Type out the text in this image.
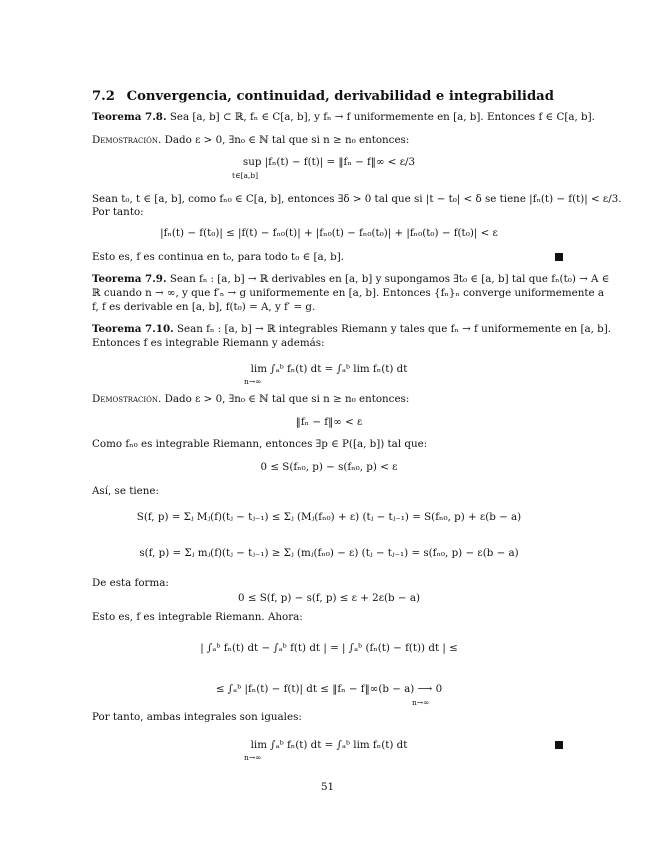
7.2 Convergencia, continuidad, derivabilidad e integrabilidad
Teorema 7.8. Sea [a, b] ⊂ ℝ, fₙ ∈ C[a, b], y fₙ → f uniformemente en [a, b]. Entonces f ∈ C[a, b].
Demostración. Dado ε > 0, ∃n₀ ∈ ℕ tal que si n ≥ n₀ entonces:
sup |fₙ(t) − f(t)| = ‖fₙ − f‖∞ < ε/3
t∈[a,b]
Sean t₀, t ∈ [a, b], como fₙ₀ ∈ C[a, b], entonces ∃δ > 0 tal que si |t − t₀| < δ se tiene |fₙ(t) − f(t)| < ε/3.
Por tanto:
|fₙ(t) − f(t₀)| ≤ |f(t) − fₙ₀(t)| + |fₙ₀(t) − fₙ₀(t₀)| + |fₙ₀(t₀) − f(t₀)| < ε
Esto es, f es continua en t₀, para todo t₀ ∈ [a, b].
Teorema 7.9. Sean fₙ : [a, b] → ℝ derivables en [a, b] y supongamos ∃t₀ ∈ [a, b] tal que fₙ(t₀) → A ∈
ℝ cuando n → ∞, y que f′ₙ → g uniformemente en [a, b]. Entonces {fₙ}ₙ converge uniformemente a
f, f es derivable en [a, b], f(t₀) = A, y f′ = g.
Teorema 7.10. Sean fₙ : [a, b] → ℝ integrables Riemann y tales que fₙ → f uniformemente en [a, b].
Entonces f es integrable Riemann y además:
lim ∫ₐᵇ fₙ(t) dt = ∫ₐᵇ lim fₙ(t) dt
n→∞
Demostración. Dado ε > 0, ∃n₀ ∈ ℕ tal que si n ≥ n₀ entonces:
‖fₙ − f‖∞ < ε
Como fₙ₀ es integrable Riemann, entonces ∃p ∈ P([a, b]) tal que:
0 ≤ S(fₙ₀, p) − s(fₙ₀, p) < ε
Así, se tiene:
S(f, p) = Σⱼ Mⱼ(f)(tⱼ − tⱼ₋₁) ≤ Σⱼ (Mⱼ(fₙ₀) + ε) (tⱼ − tⱼ₋₁) = S(fₙ₀, p) + ε(b − a)
s(f, p) = Σⱼ mⱼ(f)(tⱼ − tⱼ₋₁) ≥ Σⱼ (mⱼ(fₙ₀) − ε) (tⱼ − tⱼ₋₁) = s(fₙ₀, p) − ε(b − a)
De esta forma:
0 ≤ S(f, p) − s(f, p) ≤ ε + 2ε(b − a)
Esto es, f es integrable Riemann. Ahora:
| ∫ₐᵇ fₙ(t) dt − ∫ₐᵇ f(t) dt | = | ∫ₐᵇ (fₙ(t) − f(t)) dt | ≤
≤ ∫ₐᵇ |fₙ(t) − f(t)| dt ≤ ‖fₙ − f‖∞(b − a) ⟶ 0
n→∞
Por tanto, ambas integrales son iguales:
lim ∫ₐᵇ fₙ(t) dt = ∫ₐᵇ lim fₙ(t) dt
n→∞
51
